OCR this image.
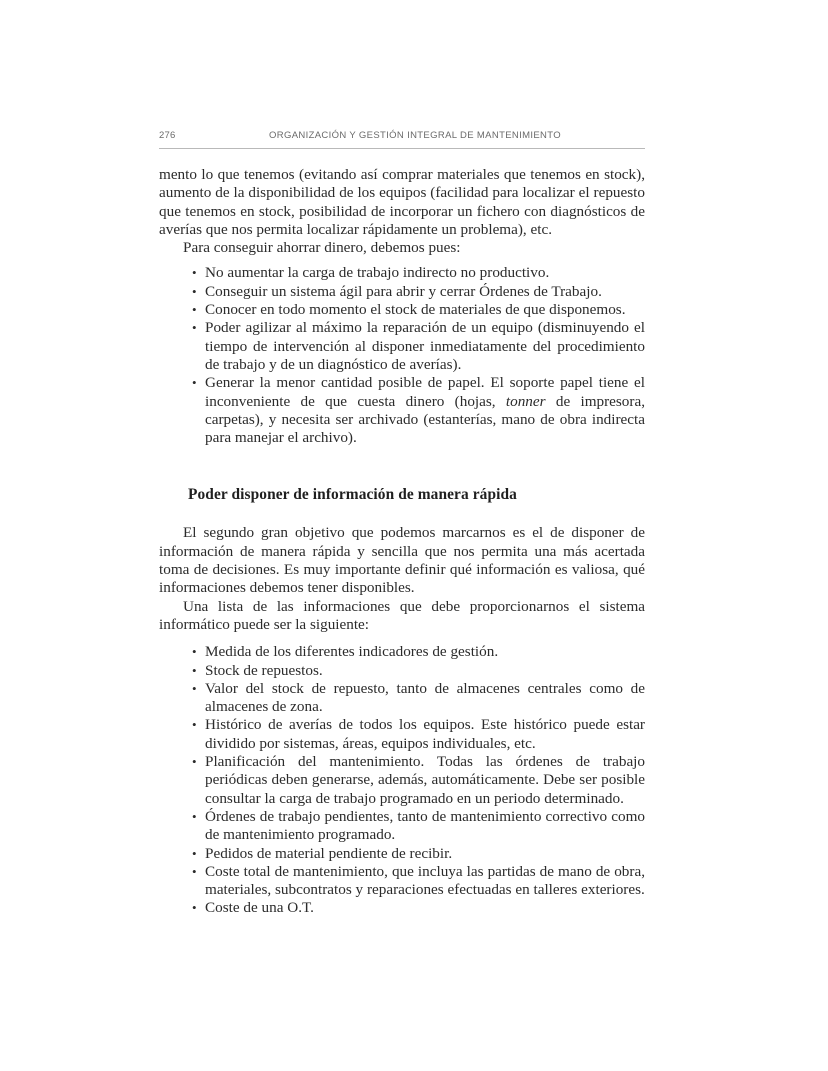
276	ORGANIZACIÓN Y GESTIÓN INTEGRAL DE MANTENIMIENTO

mento lo que tenemos (evitando así comprar materiales que tenemos en stock), aumento de la disponibilidad de los equipos (facilidad para localizar el repuesto que tenemos en stock, posibilidad de incorporar un fichero con diagnósticos de averías que nos permita localizar rápidamente un problema), etc.

Para conseguir ahorrar dinero, debemos pues:

• No aumentar la carga de trabajo indirecto no productivo.
• Conseguir un sistema ágil para abrir y cerrar Órdenes de Trabajo.
• Conocer en todo momento el stock de materiales de que disponemos.
• Poder agilizar al máximo la reparación de un equipo (disminuyendo el tiempo de intervención al disponer inmediatamente del procedimiento de trabajo y de un diagnóstico de averías).
• Generar la menor cantidad posible de papel. El soporte papel tiene el inconveniente de que cuesta dinero (hojas, tonner de impresora, carpetas), y necesita ser archivado (estanterías, mano de obra indirecta para manejar el archivo).
Poder disponer de información de manera rápida

El segundo gran objetivo que podemos marcarnos es el de disponer de información de manera rápida y sencilla que nos permita una más acertada toma de decisiones. Es muy importante definir qué información es valiosa, qué informaciones debemos tener disponibles.

Una lista de las informaciones que debe proporcionarnos el sistema informático puede ser la siguiente:

• Medida de los diferentes indicadores de gestión.
• Stock de repuestos.
• Valor del stock de repuesto, tanto de almacenes centrales como de almacenes de zona.
• Histórico de averías de todos los equipos. Este histórico puede estar dividido por sistemas, áreas, equipos individuales, etc.
• Planificación del mantenimiento. Todas las órdenes de trabajo periódicas deben generarse, además, automáticamente. Debe ser posible consultar la carga de trabajo programado en un periodo determinado.
• Órdenes de trabajo pendientes, tanto de mantenimiento correctivo como de mantenimiento programado.
• Pedidos de material pendiente de recibir.
• Coste total de mantenimiento, que incluya las partidas de mano de obra, materiales, subcontratos y reparaciones efectuadas en talleres exteriores.
• Coste de una O.T.
